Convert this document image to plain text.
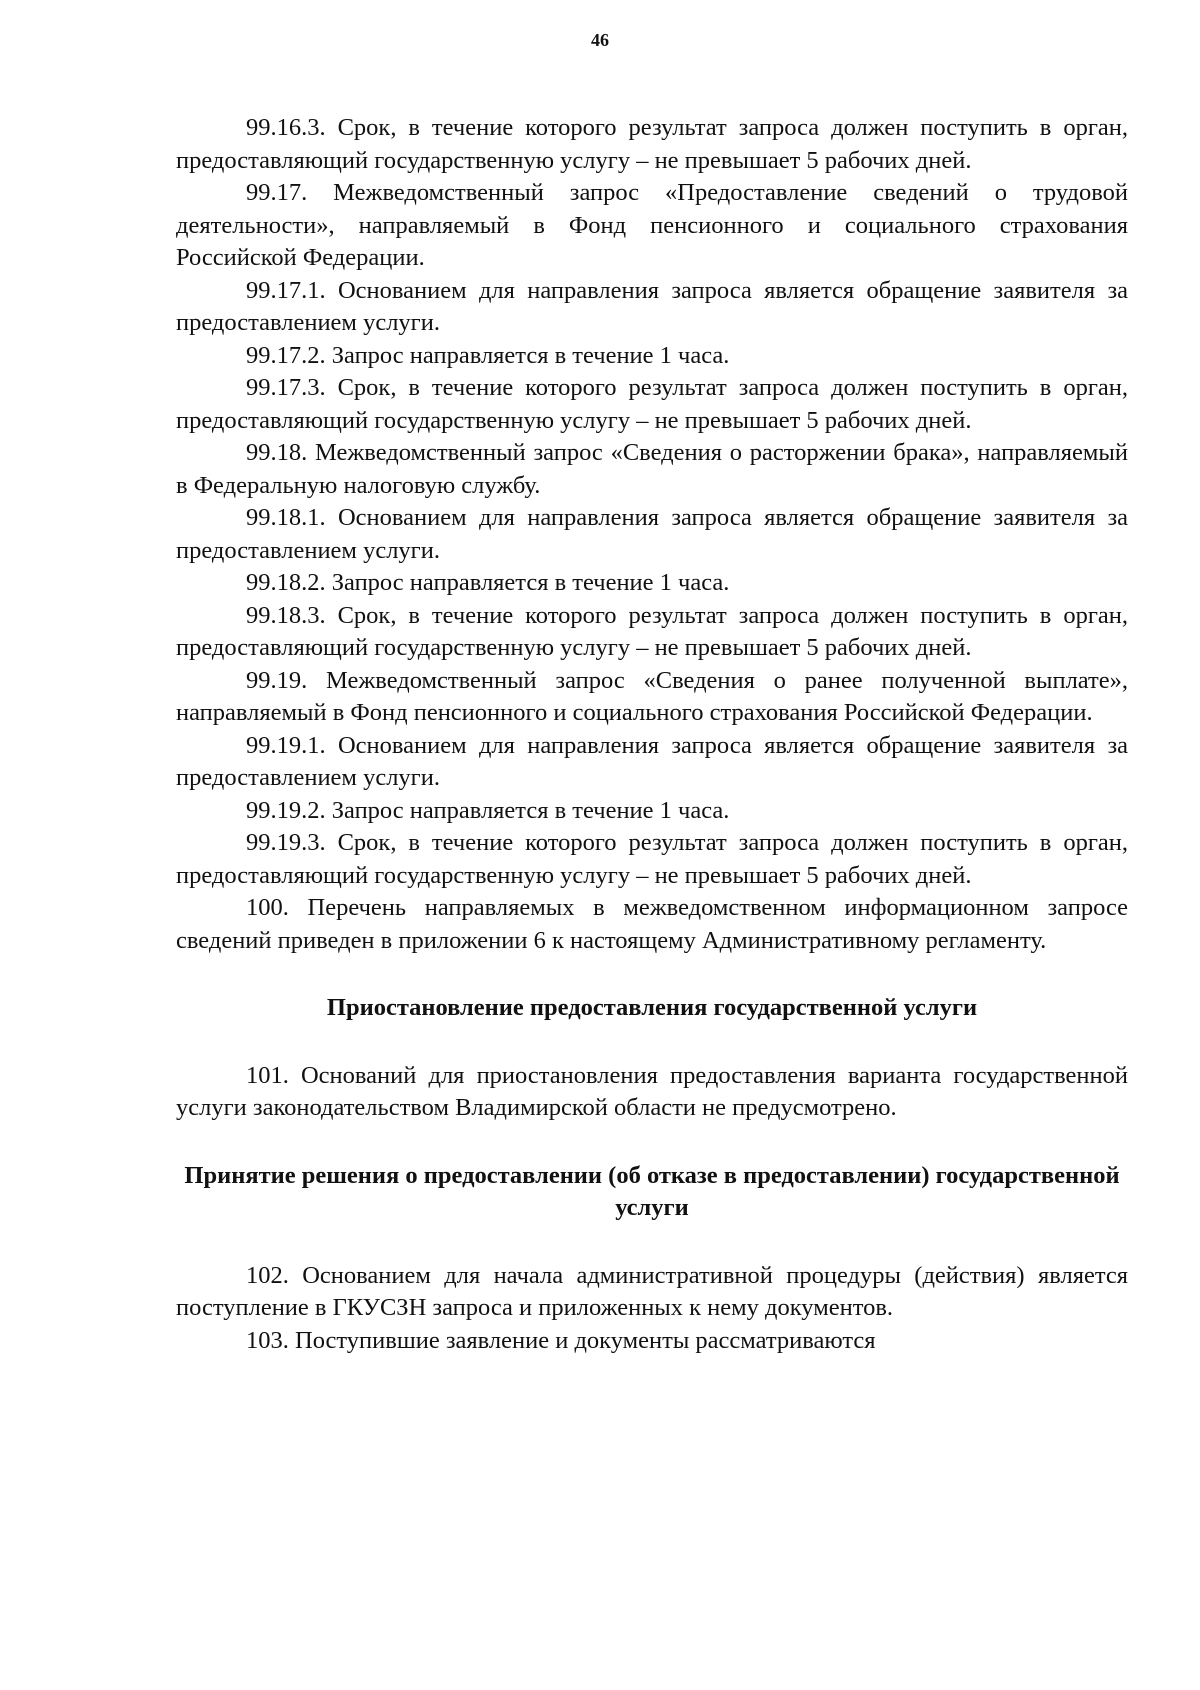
46

99.16.3. Срок, в течение которого результат запроса должен поступить в орган, предоставляющий государственную услугу – не превышает 5 рабочих дней.

99.17. Межведомственный запрос «Предоставление сведений о трудовой деятельности», направляемый в Фонд пенсионного и социального страхования Российской Федерации.

99.17.1. Основанием для направления запроса является обращение заявителя за предоставлением услуги.

99.17.2. Запрос направляется в течение 1 часа.

99.17.3. Срок, в течение которого результат запроса должен поступить в орган, предоставляющий государственную услугу – не превышает 5 рабочих дней.

99.18. Межведомственный запрос «Сведения о расторжении брака», направляемый в Федеральную налоговую службу.

99.18.1. Основанием для направления запроса является обращение заявителя за предоставлением услуги.

99.18.2. Запрос направляется в течение 1 часа.

99.18.3. Срок, в течение которого результат запроса должен поступить в орган, предоставляющий государственную услугу – не превышает 5 рабочих дней.

99.19. Межведомственный запрос «Сведения о ранее полученной выплате», направляемый в Фонд пенсионного и социального страхования Российской Федерации.

99.19.1. Основанием для направления запроса является обращение заявителя за предоставлением услуги.

99.19.2. Запрос направляется в течение 1 часа.

99.19.3. Срок, в течение которого результат запроса должен поступить в орган, предоставляющий государственную услугу – не превышает 5 рабочих дней.

100. Перечень направляемых в межведомственном информационном запросе сведений приведен в приложении 6 к настоящему Административному регламенту.

Приостановление предоставления государственной услуги

101. Оснований для приостановления предоставления варианта государственной услуги законодательством Владимирской области не предусмотрено.

Принятие решения о предоставлении (об отказе в предоставлении) государственной услуги

102. Основанием для начала административной процедуры (действия) является поступление в ГКУСЗН запроса и приложенных к нему документов.

103. Поступившие заявление и документы рассматриваются
